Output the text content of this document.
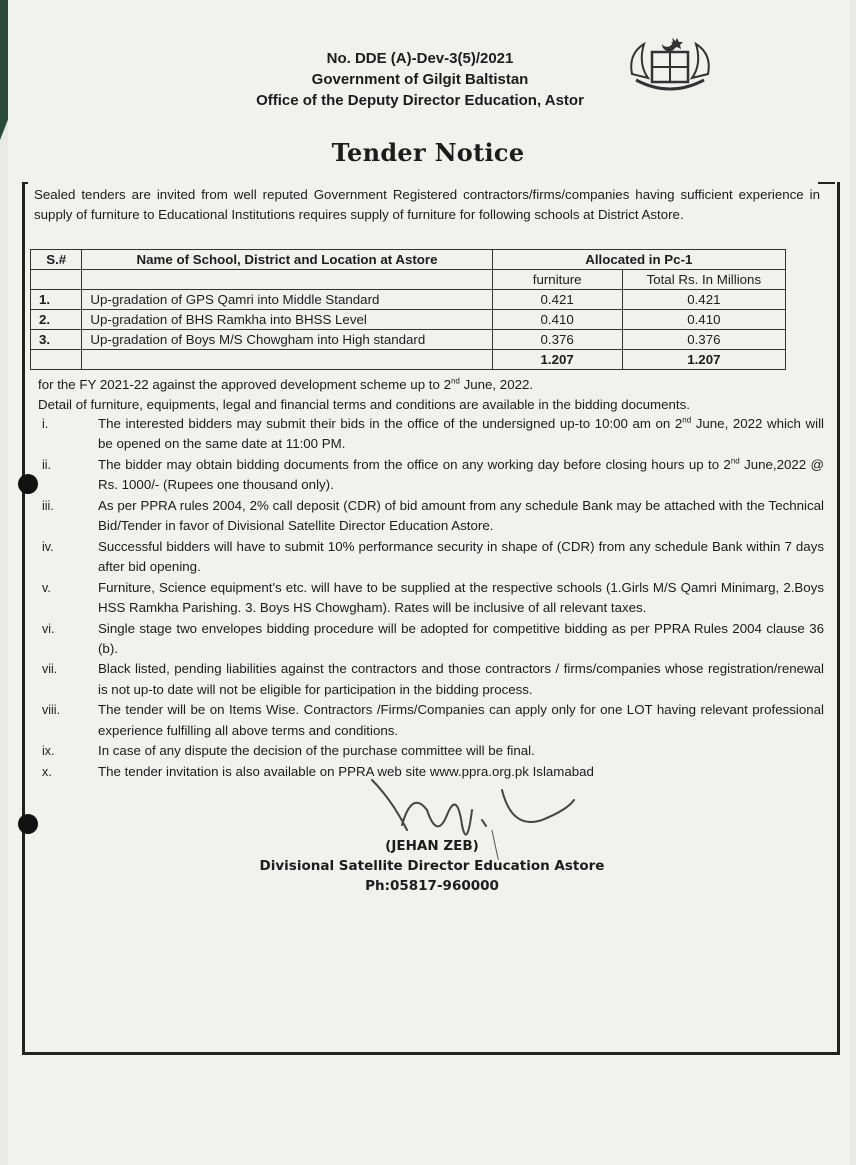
No. DDE (A)-Dev-3(5)/2021
Government of Gilgit Baltistan
Office of the Deputy Director Education, Astor
Tender Notice
Sealed tenders are invited from well reputed Government Registered contractors/firms/companies having sufficient experience in supply of furniture to Educational Institutions requires supply of furniture for following schools at District Astore.
S.#	Name of School, District and Location at Astore	Allocated in Pc-1	
		furniture	Total Rs. In Millions
1.	Up-gradation of GPS Qamri into Middle Standard	0.421	0.421
2.	Up-gradation of BHS Ramkha into BHSS Level	0.410	0.410
3.	Up-gradation of Boys M/S Chowgham into High standard	0.376	0.376
		1.207	1.207
for the FY 2021-22 against the approved development scheme up to 2nd June, 2022.
Detail of furniture, equipments, legal and financial terms and conditions are available in the bidding documents.
i.	The interested bidders may submit their bids in the office of the undersigned up-to 10:00 am on 2nd June, 2022 which will be opened on the same date at 11:00 PM.
ii.	The bidder may obtain bidding documents from the office on any working day before closing hours up to 2nd June,2022 @ Rs. 1000/- (Rupees one thousand only).
iii.	As per PPRA rules 2004, 2% call deposit (CDR) of bid amount from any schedule Bank may be attached with the Technical Bid/Tender in favor of Divisional Satellite Director Education Astore.
iv.	Successful bidders will have to submit 10% performance security in shape of (CDR) from any schedule Bank within 7 days after bid opening.
v.	Furniture, Science equipment's etc. will have to be supplied at the respective schools (1.Girls M/S Qamri Minimarg, 2.Boys HSS Ramkha Parishing. 3. Boys HS Chowgham). Rates will be inclusive of all relevant taxes.
vi.	Single stage two envelopes bidding procedure will be adopted for competitive bidding as per PPRA Rules 2004 clause 36 (b).
vii.	Black listed, pending liabilities against the contractors and those contractors / firms/companies whose registration/renewal is not up-to date will not be eligible for participation in the bidding process.
viii.	The tender will be on Items Wise. Contractors /Firms/Companies can apply only for one LOT having relevant professional experience fulfilling all above terms and conditions.
ix.	In case of any dispute the decision of the purchase committee will be final.
x.	The tender invitation is also available on PPRA web site www.ppra.org.pk Islamabad
(JEHAN ZEB)
Divisional Satellite Director Education Astore
Ph:05817-960000
